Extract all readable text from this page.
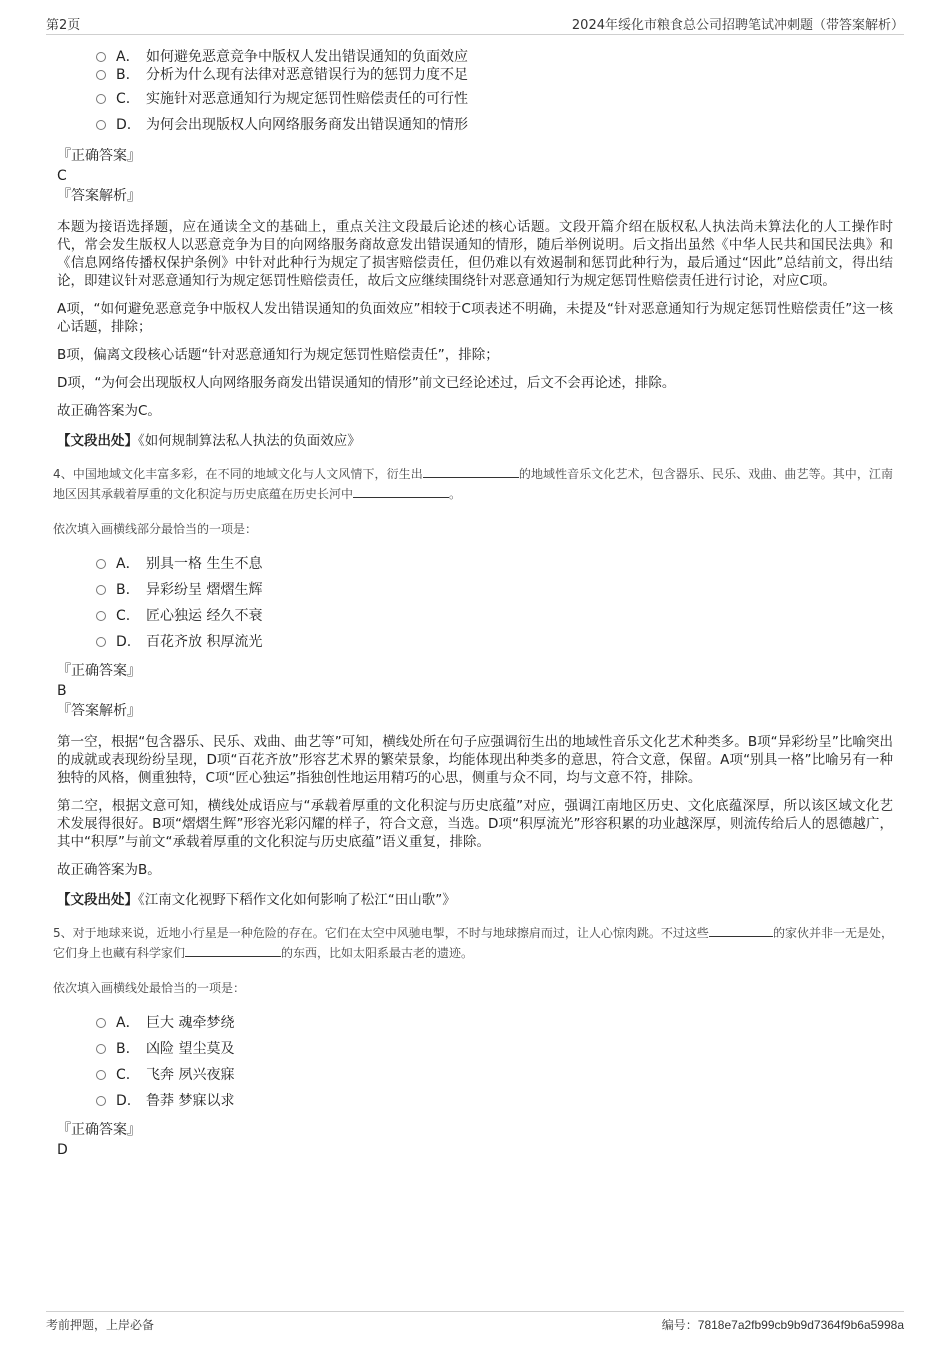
第2页	2024年绥化市粮食总公司招聘笔试冲刺题（带答案解析）
A． 如何避免恶意竞争中版权人发出错误通知的负面效应
B. 分析为什么现有法律对恶意错误行为的惩罚力度不足
C. 实施针对恶意通知行为规定惩罚性赔偿责任的可行性
D. 为何会出现版权人向网络服务商发出错误通知的情形
『正确答案』
C
『答案解析』

本题为接语选择题，应在通读全文的基础上，重点关注文段最后论述的核心话题。文段开篇介绍在版权私人执法尚未算法化的人工操作时代，常会发生版权人以恶意竞争为目的向网络服务商故意发出错误通知的情形，随后举例说明。后文指出虽然《中华人民共和国民法典》和《信息网络传播权保护条例》中针对此种行为规定了损害赔偿责任，但仍难以有效遏制和惩罚此种行为，最后通过“因此”总结前文，得出结论，即建议针对恶意通知行为规定惩罚性赔偿责任，故后文应继续围绕针对恶意通知行为规定惩罚性赔偿责任进行讨论，对应C项。

A项，“如何避免恶意竞争中版权人发出错误通知的负面效应”相较于C项表述不明确，未提及“针对恶意通知行为规定惩罚性赔偿责任”这一核心话题，排除；

B项，偏离文段核心话题“针对恶意通知行为规定惩罚性赔偿责任”，排除；

D项，“为何会出现版权人向网络服务商发出错误通知的情形”前文已经论述过，后文不会再论述，排除。

故正确答案为C。

【文段出处】《如何规制算法私人执法的负面效应》

4、中国地域文化丰富多彩，在不同的地域文化与人文风情下，衍生出	的地域性音乐文化艺术，包含器乐、民乐、戏曲、曲艺等。其中，江南地区因其承载着厚重的文化积淀与历史底蕴在历史长河中	。

依次填入画横线部分最恰当的一项是：
A． 别具一格 生生不息
B. 异彩纷呈 熠熠生辉
C. 匠心独运 经久不衰
D. 百花齐放 积厚流光
『正确答案』
B
『答案解析』

第一空，根据“包含器乐、民乐、戏曲、曲艺等”可知，横线处所在句子应强调衍生出的地域性音乐文化艺术种类多。B项“异彩纷呈”比喻突出的成就或表现纷纷呈现，D项“百花齐放”形容艺术界的繁荣景象，均能体现出种类多的意思，符合文意，保留。A项“别具一格”比喻另有一种独特的风格，侧重独特，C项“匠心独运”指独创性地运用精巧的心思，侧重与众不同，均与文意不符，排除。

第二空，根据文意可知，横线处成语应与“承载着厚重的文化积淀与历史底蕴”对应，强调江南地区历史、文化底蕴深厚，所以该区域文化艺术发展得很好。B项“熠熠生辉”形容光彩闪耀的样子，符合文意，当选。D项“积厚流光”形容积累的功业越深厚，则流传给后人的恩德越广，其中“积厚”与前文“承载着厚重的文化积淀与历史底蕴”语义重复，排除。

故正确答案为B。

【文段出处】《江南文化视野下稻作文化如何影响了松江“田山歌”》

5、对于地球来说，近地小行星是一种危险的存在。它们在太空中风驰电掣，不时与地球擦肩而过，让人心惊肉跳。不过这些	的家伙并非一无是处，它们身上也藏有科学家们	的东西，比如太阳系最古老的遗迹。

依次填入画横线处最恰当的一项是：
A． 巨大 魂牵梦绕
B. 凶险 望尘莫及
C. 飞奔 夙兴夜寐
D. 鲁莽 梦寐以求
『正确答案』
D
考前押题，上岸必备	编号：7818e7a2fb99cb9b9d7364f9b6a5998a
